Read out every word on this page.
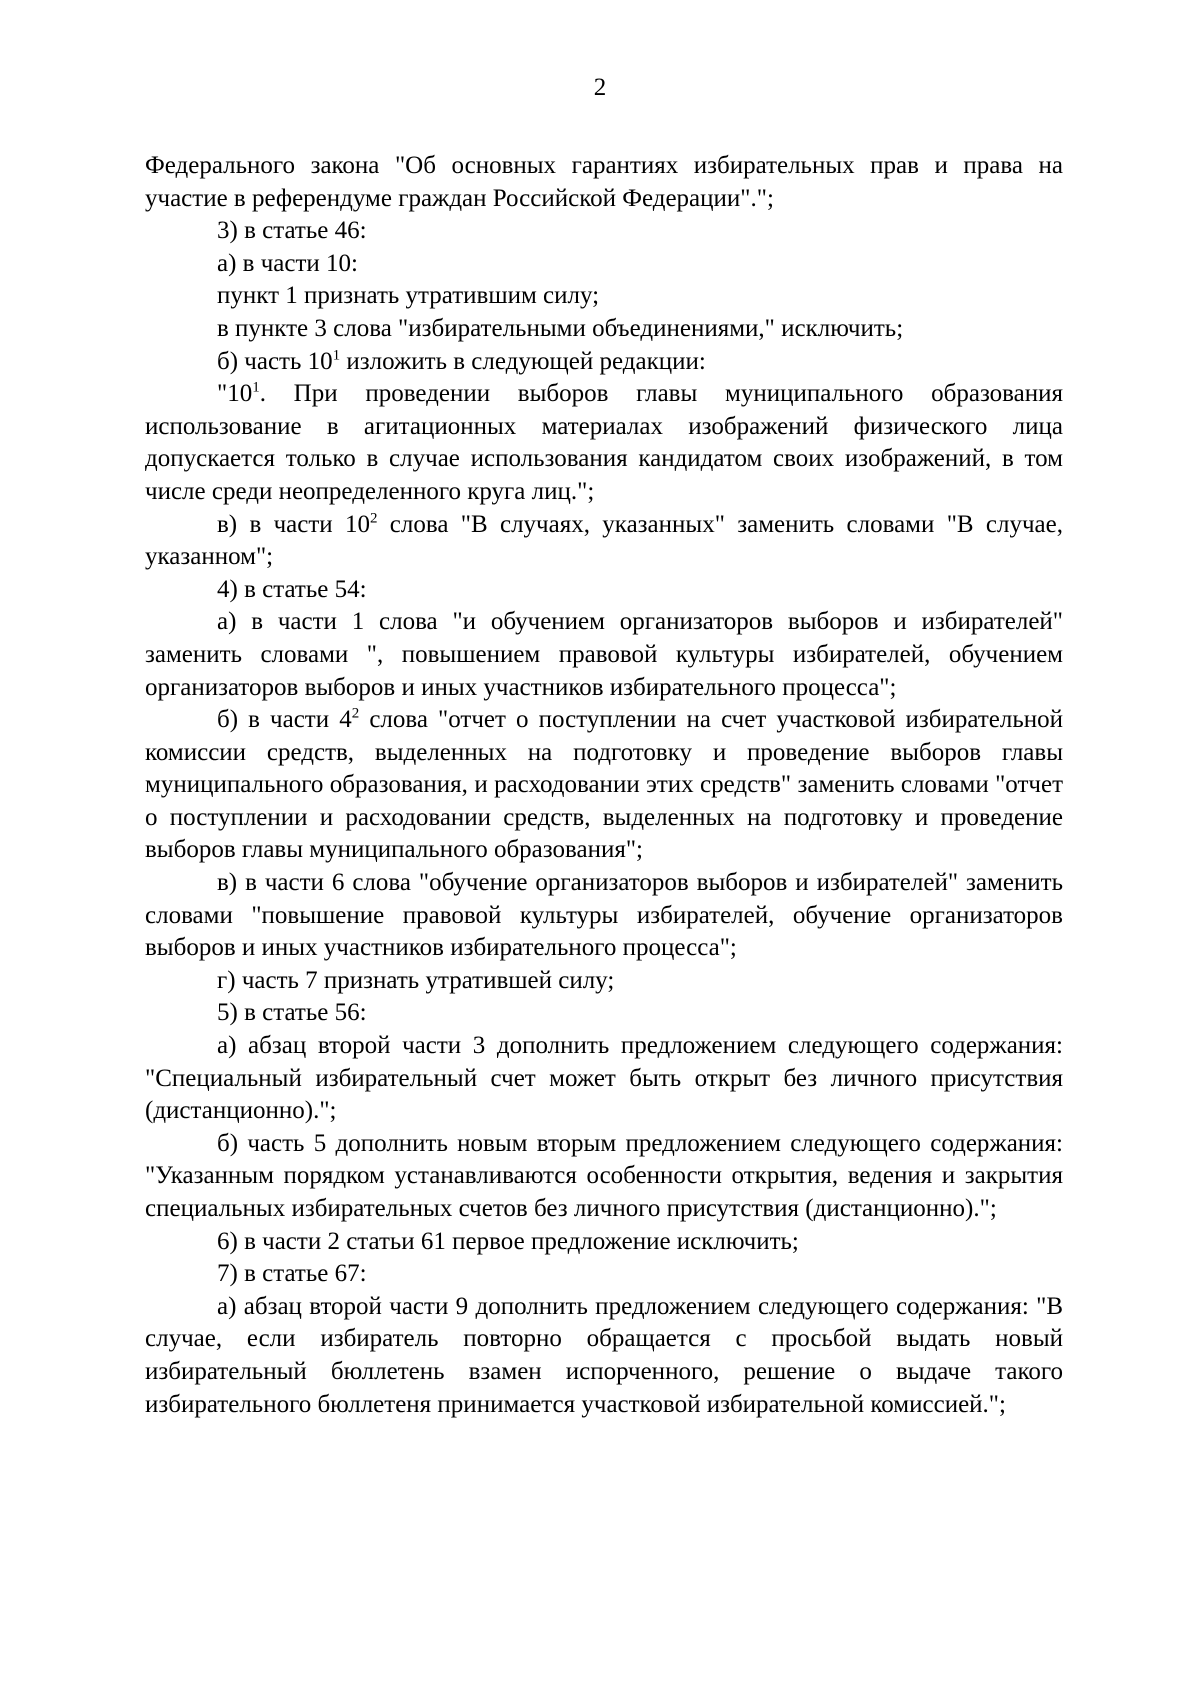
2

Федерального закона "Об основных гарантиях избирательных прав и права на участие в референдуме граждан Российской Федерации".";

3) в статье 46:

а) в части 10:

пункт 1 признать утратившим силу;

в пункте 3 слова "избирательными объединениями," исключить;

б) часть $10^1$ изложить в следующей редакции:

"$10^1$. При проведении выборов главы муниципального образования использование в агитационных материалах изображений физического лица допускается только в случае использования кандидатом своих изображений, в том числе среди неопределенного круга лиц.";

в) в части $10^2$ слова "В случаях, указанных" заменить словами "В случае, указанном";

4) в статье 54:

а) в части 1 слова "и обучением организаторов выборов и избирателей" заменить словами ", повышением правовой культуры избирателей, обучением организаторов выборов и иных участников избирательного процесса";

б) в части $4^2$ слова "отчет о поступлении на счет участковой избирательной комиссии средств, выделенных на подготовку и проведение выборов главы муниципального образования, и расходовании этих средств" заменить словами "отчет о поступлении и расходовании средств, выделенных на подготовку и проведение выборов главы муниципального образования";

в) в части 6 слова "обучение организаторов выборов и избирателей" заменить словами "повышение правовой культуры избирателей, обучение организаторов выборов и иных участников избирательного процесса";

г) часть 7 признать утратившей силу;

5) в статье 56:

а) абзац второй части 3 дополнить предложением следующего содержания: "Специальный избирательный счет может быть открыт без личного присутствия (дистанционно).";

б) часть 5 дополнить новым вторым предложением следующего содержания: "Указанным порядком устанавливаются особенности открытия, ведения и закрытия специальных избирательных счетов без личного присутствия (дистанционно).";

6) в части 2 статьи 61 первое предложение исключить;

7) в статье 67:

а) абзац второй части 9 дополнить предложением следующего содержания: "В случае, если избиратель повторно обращается с просьбой выдать новый избирательный бюллетень взамен испорченного, решение о выдаче такого избирательного бюллетеня принимается участковой избирательной комиссией.";
